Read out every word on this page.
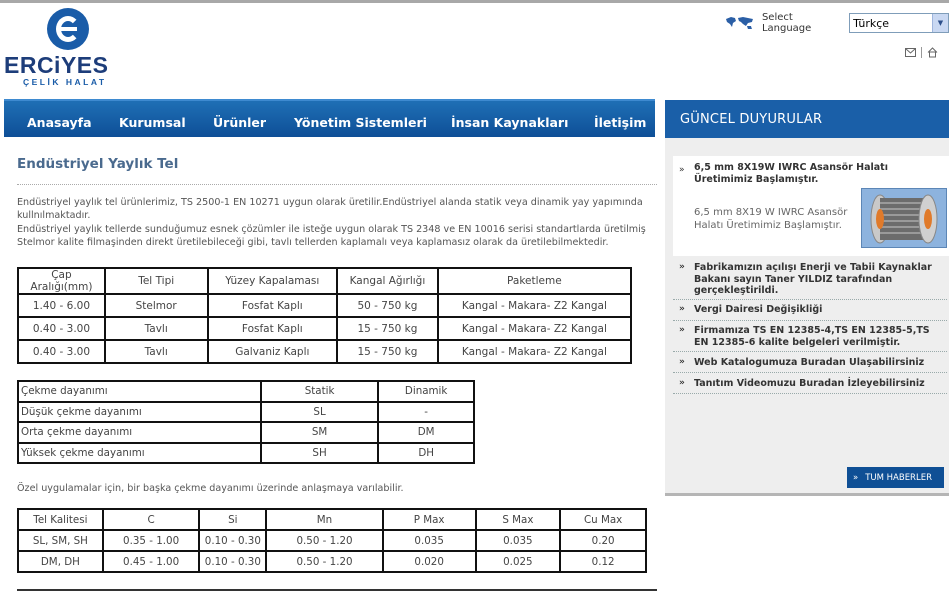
ERCiYES
ÇELİK HALAT
Select Language	Türkçe	▼
Anasayfa Kurumsal Ürünler Yönetim Sistemleri İnsan Kaynakları İletişim
Endüstriyel Yaylık Tel
Endüstriyel yaylık tel ürünlerimiz, TS 2500-1 EN 10271 uygun olarak üretilir.Endüstriyel alanda statik veya dinamik yay yapımında
kullnılmaktadır.
Endüstriyel yaylık tellerde sunduğumuz esnek çözümler ile isteğe uygun olarak TS 2348 ve EN 10016 serisi standartlarda üretilmiş
Stelmor kalite filmaşinden direkt üretilebileceği gibi, tavlı tellerden kaplamalı veya kaplamasız olarak da üretilebilmektedir.
Çap Aralığı(mm)	Tel Tipi	Yüzey Kapalaması	Kangal Ağırlığı	Paketleme
1.40 - 6.00	Stelmor	Fosfat Kaplı	50 - 750 kg	Kangal - Makara- Z2 Kangal
0.40 - 3.00	Tavlı	Fosfat Kaplı	15 - 750 kg	Kangal - Makara- Z2 Kangal
0.40 - 3.00	Tavlı	Galvaniz Kaplı	15 - 750 kg	Kangal - Makara- Z2 Kangal
Çekme dayanımı	Statik	Dinamik
Düşük çekme dayanımı	SL	-
Orta çekme dayanımı	SM	DM
Yüksek çekme dayanımı	SH	DH
Özel uygulamalar için, bir başka çekme dayanımı üzerinde anlaşmaya varılabilir.
Tel Kalitesi	C	Si	Mn	P Max	S Max	Cu Max
SL, SM, SH	0.35 - 1.00	0.10 - 0.30	0.50 - 1.20	0.035	0.035	0.20
DM, DH	0.45 - 1.00	0.10 - 0.30	0.50 - 1.20	0.020	0.025	0.12
GÜNCEL DUYURULAR
» 6,5 mm 8X19W IWRC Asansör Halatı Üretimimiz Başlamıştır.
6,5 mm 8X19 W IWRC Asansör Halatı Üretimimiz Başlamıştır.
» Fabrikamızın açılışı Enerji ve Tabii Kaynaklar Bakanı sayın Taner YILDIZ tarafından gerçekleştirildi.
» Vergi Dairesi Değişikliği
» Firmamıza TS EN 12385-4,TS EN 12385-5,TS EN 12385-6 kalite belgeleri verilmiştir.
» Web Katalogumuza Buradan Ulaşabilirsiniz
» Tanıtım Videomuzu Buradan İzleyebilirsiniz
» TUM HABERLER
